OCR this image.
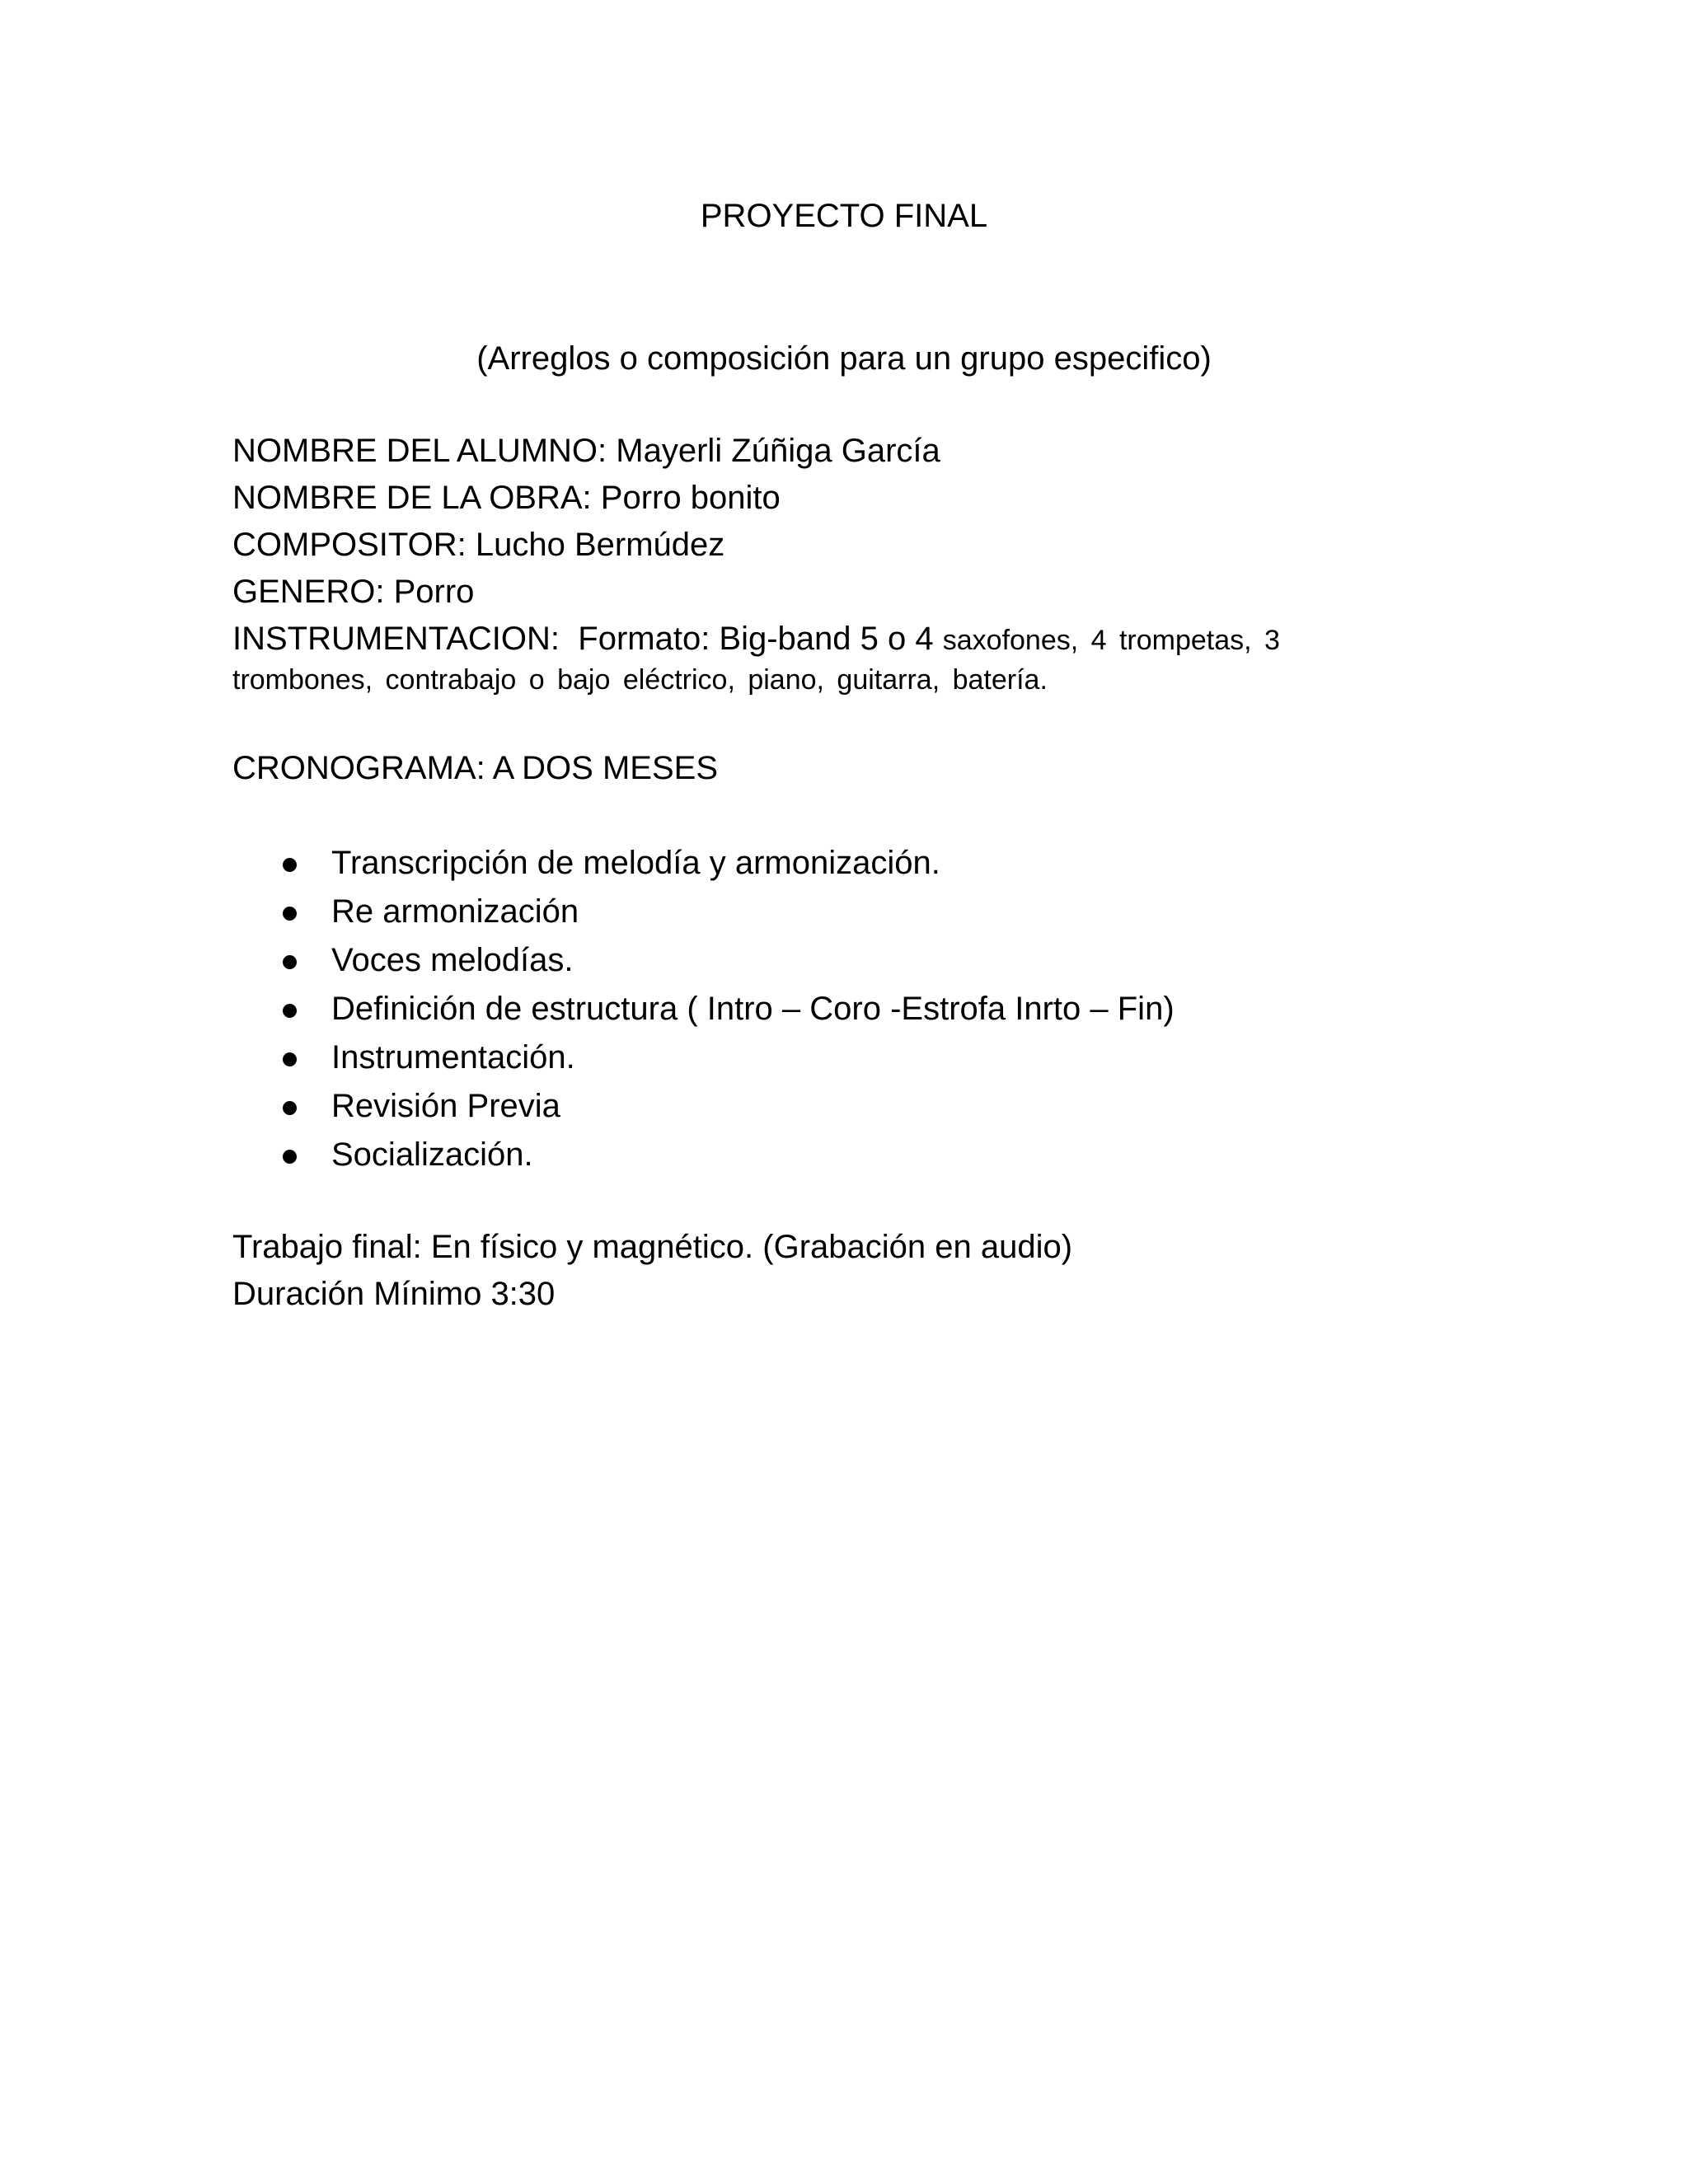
PROYECTO FINAL
(Arreglos o composición para un grupo especifico)
NOMBRE DEL ALUMNO: Mayerli Zúñiga García
NOMBRE DE LA OBRA: Porro bonito
COMPOSITOR: Lucho Bermúdez
GENERO: Porro
INSTRUMENTACION: Formato: Big-band 5 o 4 saxofones, 4 trompetas, 3
trombones, contrabajo o bajo eléctrico, piano, guitarra, batería.
CRONOGRAMA: A DOS MESES
Transcripción de melodía y armonización.
Re armonización
Voces melodías.
Definición de estructura ( Intro – Coro -Estrofa Inrto – Fin)
Instrumentación.
Revisión Previa
Socialización.
Trabajo final: En físico y magnético. (Grabación en audio)
Duración Mínimo 3:30
